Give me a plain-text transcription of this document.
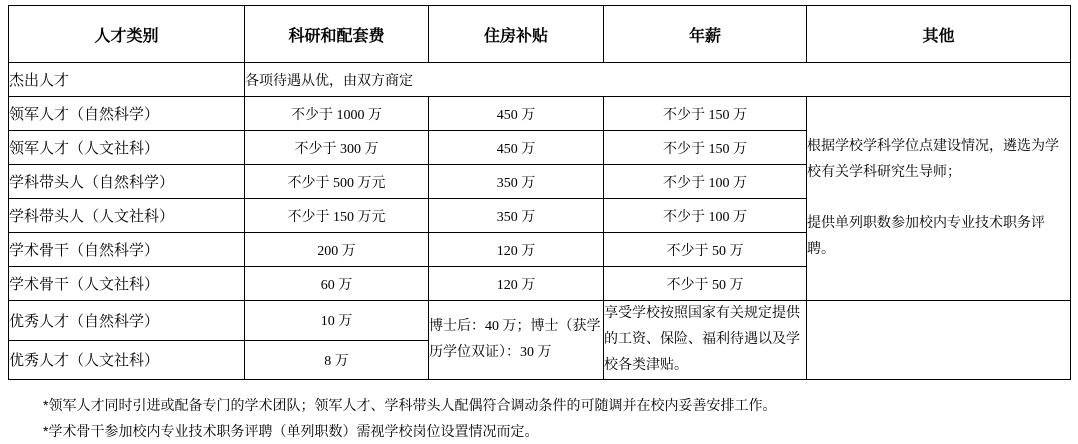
人才类别	科研和配套费	住房补贴	年薪	其他
杰出人才	各项待遇从优，由双方商定			
领军人才（自然科学）	不少于 1000 万	450 万	不少于 150 万	根据学校学科学位点建设情况，遴选为学校有关学科研究生导师；
提供单列职数参加校内专业技术职务评聘。

领军人才（人文社科）	不少于 300 万	450 万	不少于 150 万	
学科带头人（自然科学）	不少于 500 万元	350 万	不少于 100 万	
学科带头人（人文社科）	不少于 150 万元	350 万	不少于 100 万	
学术骨干（自然科学）	200 万	120 万	不少于 50 万	
学术骨干（人文社科）	60 万	120 万	不少于 50 万	
优秀人才（自然科学）	10 万	博士后：40 万；博士（获学历学位双证）：30 万	享受学校按照国家有关规定提供的工资、保险、福利待遇以及学校各类津贴。	
优秀人才（人文社科）	8 万			
*领军人才同时引进或配备专门的学术团队；领军人才、学科带头人配偶符合调动条件的可随调并在校内妥善安排工作。
*学术骨干参加校内专业技术职务评聘（单列职数）需视学校岗位设置情况而定。
